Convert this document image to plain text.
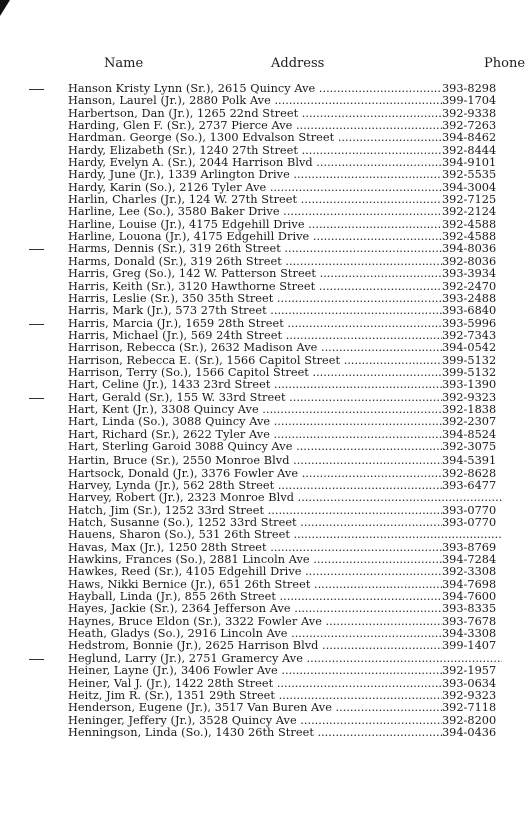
Name	Address	Phone
Hanson Kristy Lynn (Sr.), 2615 Quincy Ave .....	393-8298
Hanson, Laurel (Jr.), 2880 Polk Ave .....	399-1704
Harbertson, Dan (Jr.), 1265 22nd Street .....	392-9338
Harding, Glen F. (Sr.), 2737 Pierce Ave .....	392-7263
Hardman. George (So.), 1300 Edvalson Street .....	394-8462
Hardy, Elizabeth (Sr.), 1240 27th Street .....	392-8444
Hardy, Evelyn A. (Sr.), 2044 Harrison Blvd .....	394-9101
Hardy, June (Jr.), 1339 Arlington Drive .....	392-5535
Hardy, Karin (So.), 2126 Tyler Ave .....	394-3004
Harlin, Charles (Jr.), 124 W. 27th Street .....	392-7125
Harline, Lee (So.), 3580 Baker Drive .....	392-2124
Harline, Louise (Jr.), 4175 Edgehill Drive .....	392-4588
Harline, Louona (Jr.), 4175 Edgehill Drive .....	392-4588
Harms, Dennis (Sr.), 319 26th Street .....	394-8036
Harms, Donald (Sr.), 319 26th Street .....	392-8036
Harris, Greg (So.), 142 W. Patterson Street .....	393-3934
Harris, Keith (Sr.), 3120 Hawthorne Street .....	392-2470
Harris, Leslie (Sr.), 350 35th Street .....	393-2488
Harris, Mark (Jr.), 573 27th Street .....	393-6840
Harris, Marcia (Jr.), 1659 28th Street .....	393-5996
Harris, Michael (Jr.), 569 24th Street .....	392-7343
Harrison, Rebecca (Sr.), 2632 Madison Ave .....	394-0542
Harrison, Rebecca E. (Sr.), 1566 Capitol Street .....	399-5132
Harrison, Terry (So.), 1566 Capitol Street .....	399-5132
Hart, Celine (Jr.), 1433 23rd Street .....	393-1390
Hart, Gerald (Sr.), 155 W. 33rd Street .....	392-9323
Hart, Kent (Jr.), 3308 Quincy Ave .....	392-1838
Hart, Linda (So.), 3088 Quincy Ave .....	392-2307
Hart, Richard (Sr.), 2622 Tyler Ave .....	394-8524
Hart, Sterling Garoid 3088 Quincy Ave .....	392-3075
Hartin, Bruce (Sr.), 2550 Monroe Blvd .....	394-5391
Hartsock, Donald (Jr.), 3376 Fowler Ave .....	392-8628
Harvey, Lynda (Jr.), 562 28th Street .....	393-6477
Harvey, Robert (Jr.), 2323 Monroe Blvd .....
Hatch, Jim (Sr.), 1252 33rd Street .....	393-0770
Hatch, Susanne (So.), 1252 33rd Street .....	393-0770
Hauens, Sharon (So.), 531 26th Street .....
Havas, Max (Jr.), 1250 28th Street .....	393-8769
Hawkins, Frances (So.), 2881 Lincoln Ave .....	394-7284
Hawkes, Reed (Sr.), 4105 Edgehill Drive .....	392-3308
Haws, Nikki Bernice (Jr.), 651 26th Street .....	394-7698
Hayball, Linda (Jr.), 855 26th Street .....	394-7600
Hayes, Jackie (Sr.), 2364 Jefferson Ave .....	393-8335
Haynes, Bruce Eldon (Sr.), 3322 Fowler Ave .....	393-7678
Heath, Gladys (So.), 2916 Lincoln Ave .....	394-3308
Hedstrom, Bonnie (Jr.), 2625 Harrison Blvd .....	399-1407
Heglund, Larry (Jr.), 2751 Gramercy Ave .....
Heiner, Layne (Jr.), 3406 Fowler Ave .....	392-1957
Heiner, Val J. (Jr.), 1422 28th Street .....	393-0634
Heitz, Jim R. (Sr.), 1351 29th Street .....	392-9323
Henderson, Eugene (Jr.), 3517 Van Buren Ave .....	392-7118
Heninger, Jeffery (Jr.), 3528 Quincy Ave .....	392-8200
Henningson, Linda (So.), 1430 26th Street .....	394-0436
